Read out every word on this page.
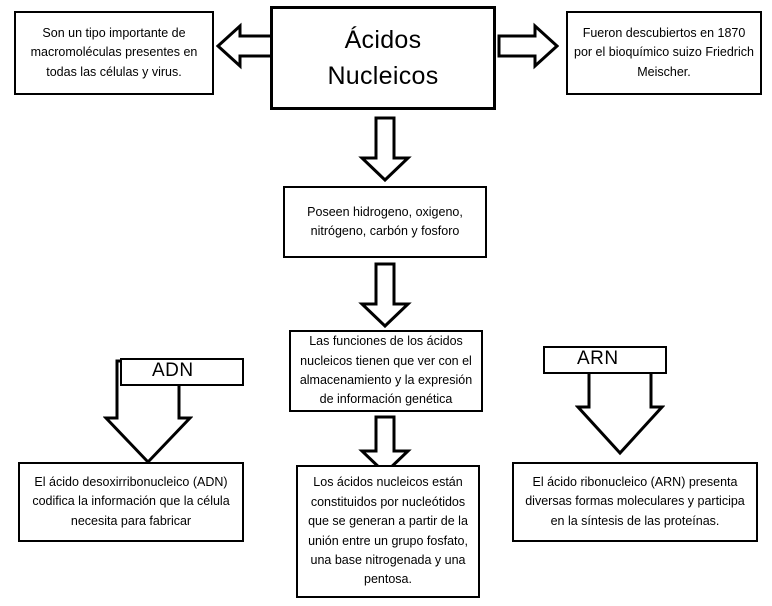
ADN
ARN
Ácidos
Nucleicos
Son un tipo importante de macromoléculas presentes en todas las células y virus.
Fueron descubiertos en 1870 por el bioquímico suizo Friedrich Meischer.
Poseen hidrogeno, oxigeno, nitrógeno, carbón y fosforo
Las funciones de los ácidos nucleicos tienen que ver con el almacenamiento y la expresión de información genética
El ácido desoxirribonucleico (ADN) codifica la información que la célula necesita para fabricar
Los ácidos nucleicos están constituidos por nucleótidos que se generan a partir de la unión entre un grupo fosfato, una base nitrogenada y una pentosa.
El ácido ribonucleico (ARN) presenta diversas formas moleculares y participa en la síntesis de las proteínas.
